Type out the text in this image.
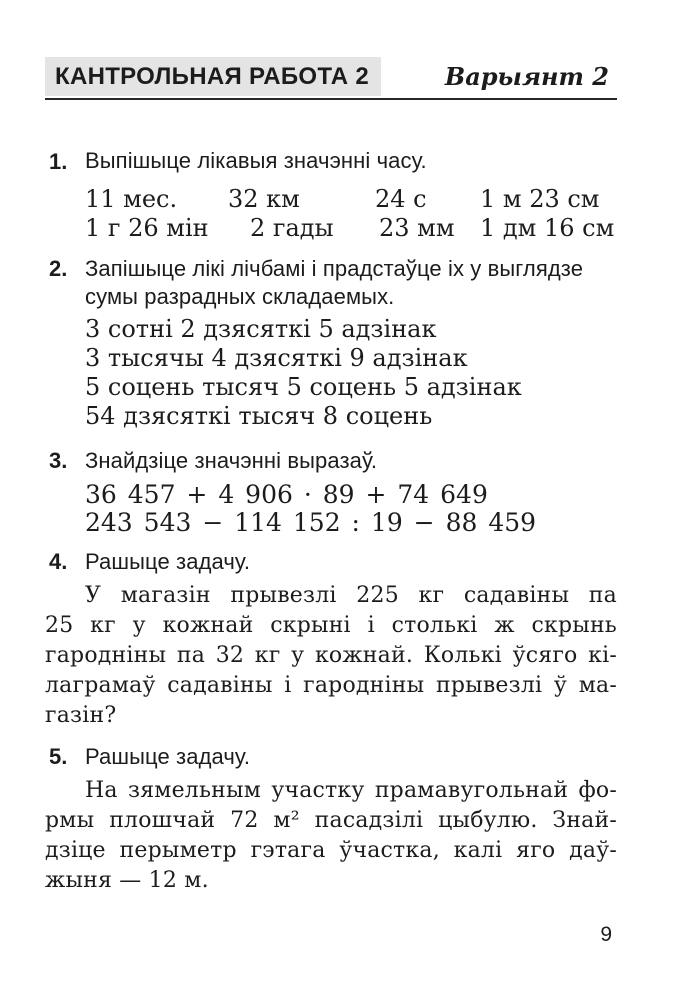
КАНТРОЛЬНАЯ РАБОТА 2	Варыянт 2
1. Выпішыце лікавыя значэнні часу.
11 мес.	32 км	24 с	1 м 23 см
1 г 26 мін	2 гады	23 мм	1 дм 16 см
2. Запішыце лікі лічбамі і прадстаўце іх у выглядзе сумы разрадных складаемых.
3 сотні 2 дзясяткі 5 адзінак
3 тысячы 4 дзясяткі 9 адзінак
5 соцень тысяч 5 соцень 5 адзінак
54 дзясяткі тысяч 8 соцень
3. Знайдзіце значэнні выразаў.
36 457 + 4 906 · 89 + 74 649
243 543 − 114 152 : 19 − 88 459
4. Рашыце задачу.
У магазін прывезлі 225 кг садавіны па
25 кг у кожнай скрыні і столькі ж скрынь
гародніны па 32 кг у кожнай. Колькі ўсяго кі-
лаграмаў садавіны і гародніны прывезлі ў ма-
газін?
5. Рашыце задачу.
На зямельным участку прамавугольнай фо-
рмы плошчай 72 м² пасадзілі цыбулю. Знай-
дзіце перыметр гэтага ўчастка, калі яго даў-
жыня — 12 м.
9
